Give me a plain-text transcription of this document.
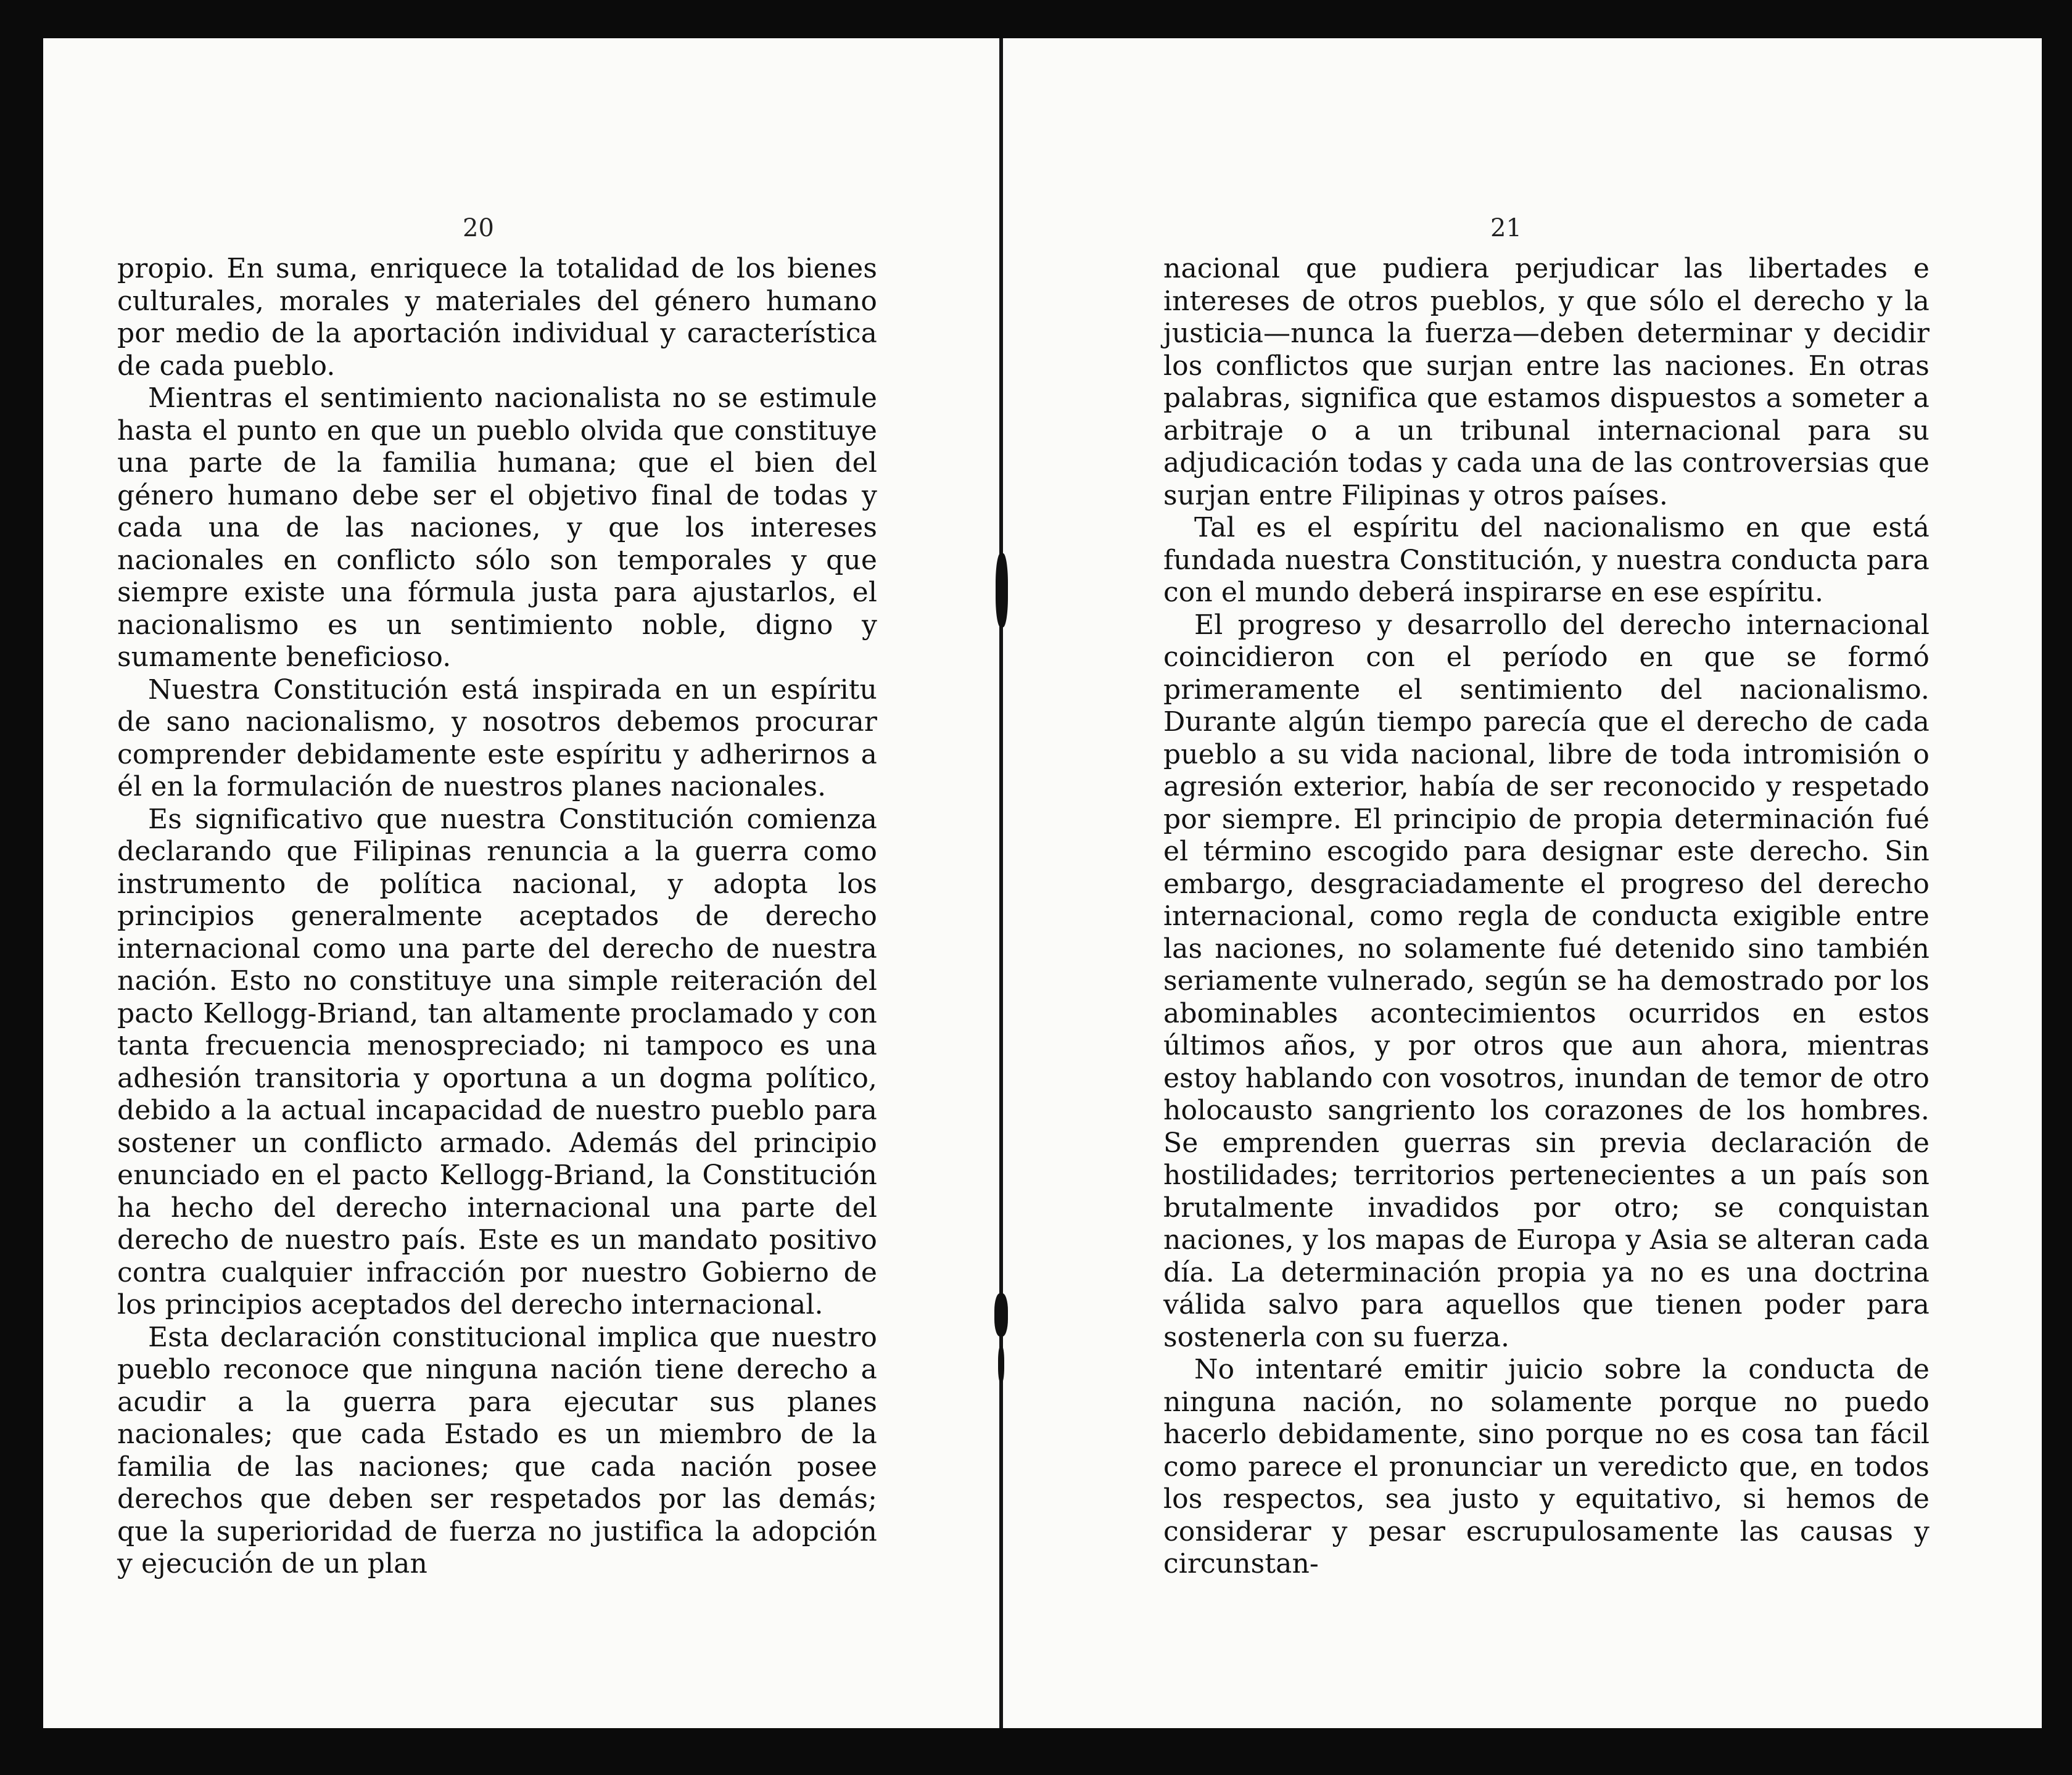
20

propio. En suma, enriquece la totalidad de los bienes culturales, morales y materiales del género humano por medio de la aportación individual y característica de cada pueblo.

Mientras el sentimiento nacionalista no se estimule hasta el punto en que un pueblo olvida que constituye una parte de la familia humana; que el bien del género humano debe ser el objetivo final de todas y cada una de las naciones, y que los intereses nacionales en conflicto sólo son temporales y que siempre existe una fórmula justa para ajustarlos, el nacionalismo es un sentimiento noble, digno y sumamente beneficioso.

Nuestra Constitución está inspirada en un espíritu de sano nacionalismo, y nosotros debemos procurar comprender debidamente este espíritu y adherirnos a él en la formulación de nuestros planes nacionales.

Es significativo que nuestra Constitución comienza declarando que Filipinas renuncia a la guerra como instrumento de política nacional, y adopta los principios generalmente aceptados de derecho internacional como una parte del derecho de nuestra nación. Esto no constituye una simple reiteración del pacto Kellogg-Briand, tan altamente proclamado y con tanta frecuencia menospreciado; ni tampoco es una adhesión transitoria y oportuna a un dogma político, debido a la actual incapacidad de nuestro pueblo para sostener un conflicto armado. Además del principio enunciado en el pacto Kellogg-Briand, la Constitución ha hecho del derecho internacional una parte del derecho de nuestro país. Este es un mandato positivo contra cualquier infracción por nuestro Gobierno de los principios aceptados del derecho internacional.

Esta declaración constitucional implica que nuestro pueblo reconoce que ninguna nación tiene derecho a acudir a la guerra para ejecutar sus planes nacionales; que cada Estado es un miembro de la familia de las naciones; que cada nación posee derechos que deben ser respetados por las demás; que la superioridad de fuerza no justifica la adopción y ejecución de un plan

21

nacional que pudiera perjudicar las libertades e intereses de otros pueblos, y que sólo el derecho y la justicia—nunca la fuerza—deben determinar y decidir los conflictos que surjan entre las naciones. En otras palabras, significa que estamos dispuestos a someter a arbitraje o a un tribunal internacional para su adjudicación todas y cada una de las controversias que surjan entre Filipinas y otros países.

Tal es el espíritu del nacionalismo en que está fundada nuestra Constitución, y nuestra conducta para con el mundo deberá inspirarse en ese espíritu.

El progreso y desarrollo del derecho internacional coincidieron con el período en que se formó primeramente el sentimiento del nacionalismo. Durante algún tiempo parecía que el derecho de cada pueblo a su vida nacional, libre de toda intromisión o agresión exterior, había de ser reconocido y respetado por siempre. El principio de propia determinación fué el término escogido para designar este derecho. Sin embargo, desgraciadamente el progreso del derecho internacional, como regla de conducta exigible entre las naciones, no solamente fué detenido sino también seriamente vulnerado, según se ha demostrado por los abominables acontecimientos ocurridos en estos últimos años, y por otros que aun ahora, mientras estoy hablando con vosotros, inundan de temor de otro holocausto sangriento los corazones de los hombres. Se emprenden guerras sin previa declaración de hostilidades; territorios pertenecientes a un país son brutalmente invadidos por otro; se conquistan naciones, y los mapas de Europa y Asia se alteran cada día. La determinación propia ya no es una doctrina válida salvo para aquellos que tienen poder para sostenerla con su fuerza.

No intentaré emitir juicio sobre la conducta de ninguna nación, no solamente porque no puedo hacerlo debidamente, sino porque no es cosa tan fácil como parece el pronunciar un veredicto que, en todos los respectos, sea justo y equitativo, si hemos de considerar y pesar escrupulosamente las causas y circunstan-
